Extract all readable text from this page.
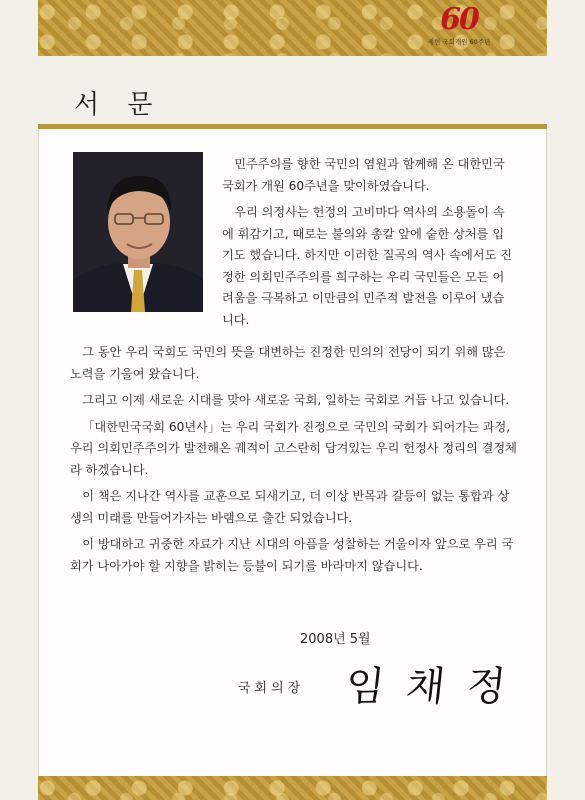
60
제헌 국회개원 60주년
서 문

민주주의를 향한 국민의 염원과 함께해 온 대한민국 국회가 개원 60주년을 맞이하였습니다.

우리 의정사는 헌정의 고비마다 역사의 소용돌이 속에 휘감기고, 때로는 불의와 총칼 앞에 숱한 상처를 입기도 했습니다. 하지만 이러한 질곡의 역사 속에서도 진정한 의회민주주의를 희구하는 우리 국민들은 모든 어려움을 극복하고 이만큼의 민주적 발전을 이루어 냈습니다.

그 동안 우리 국회도 국민의 뜻을 대변하는 진정한 민의의 전당이 되기 위해 많은 노력을 기울여 왔습니다.

그리고 이제 새로운 시대를 맞아 새로운 국회, 일하는 국회로 거듭 나고 있습니다.

「대한민국국회 60년사」는 우리 국회가 진정으로 국민의 국회가 되어가는 과정, 우리 의회민주주의가 발전해온 궤적이 고스란히 담겨있는 우리 헌정사 정리의 결정체라 하겠습니다.

이 책은 지나간 역사를 교훈으로 되새기고, 더 이상 반목과 갈등이 없는 통합과 상생의 미래를 만들어가자는 바램으로 출간 되었습니다.

이 방대하고 귀중한 자료가 지난 시대의 아픔을 성찰하는 거울이자 앞으로 우리 국회가 나아가야 할 지향을 밝히는 등불이 되기를 바라마지 않습니다.

2008년 5월
국회의장 임채정
